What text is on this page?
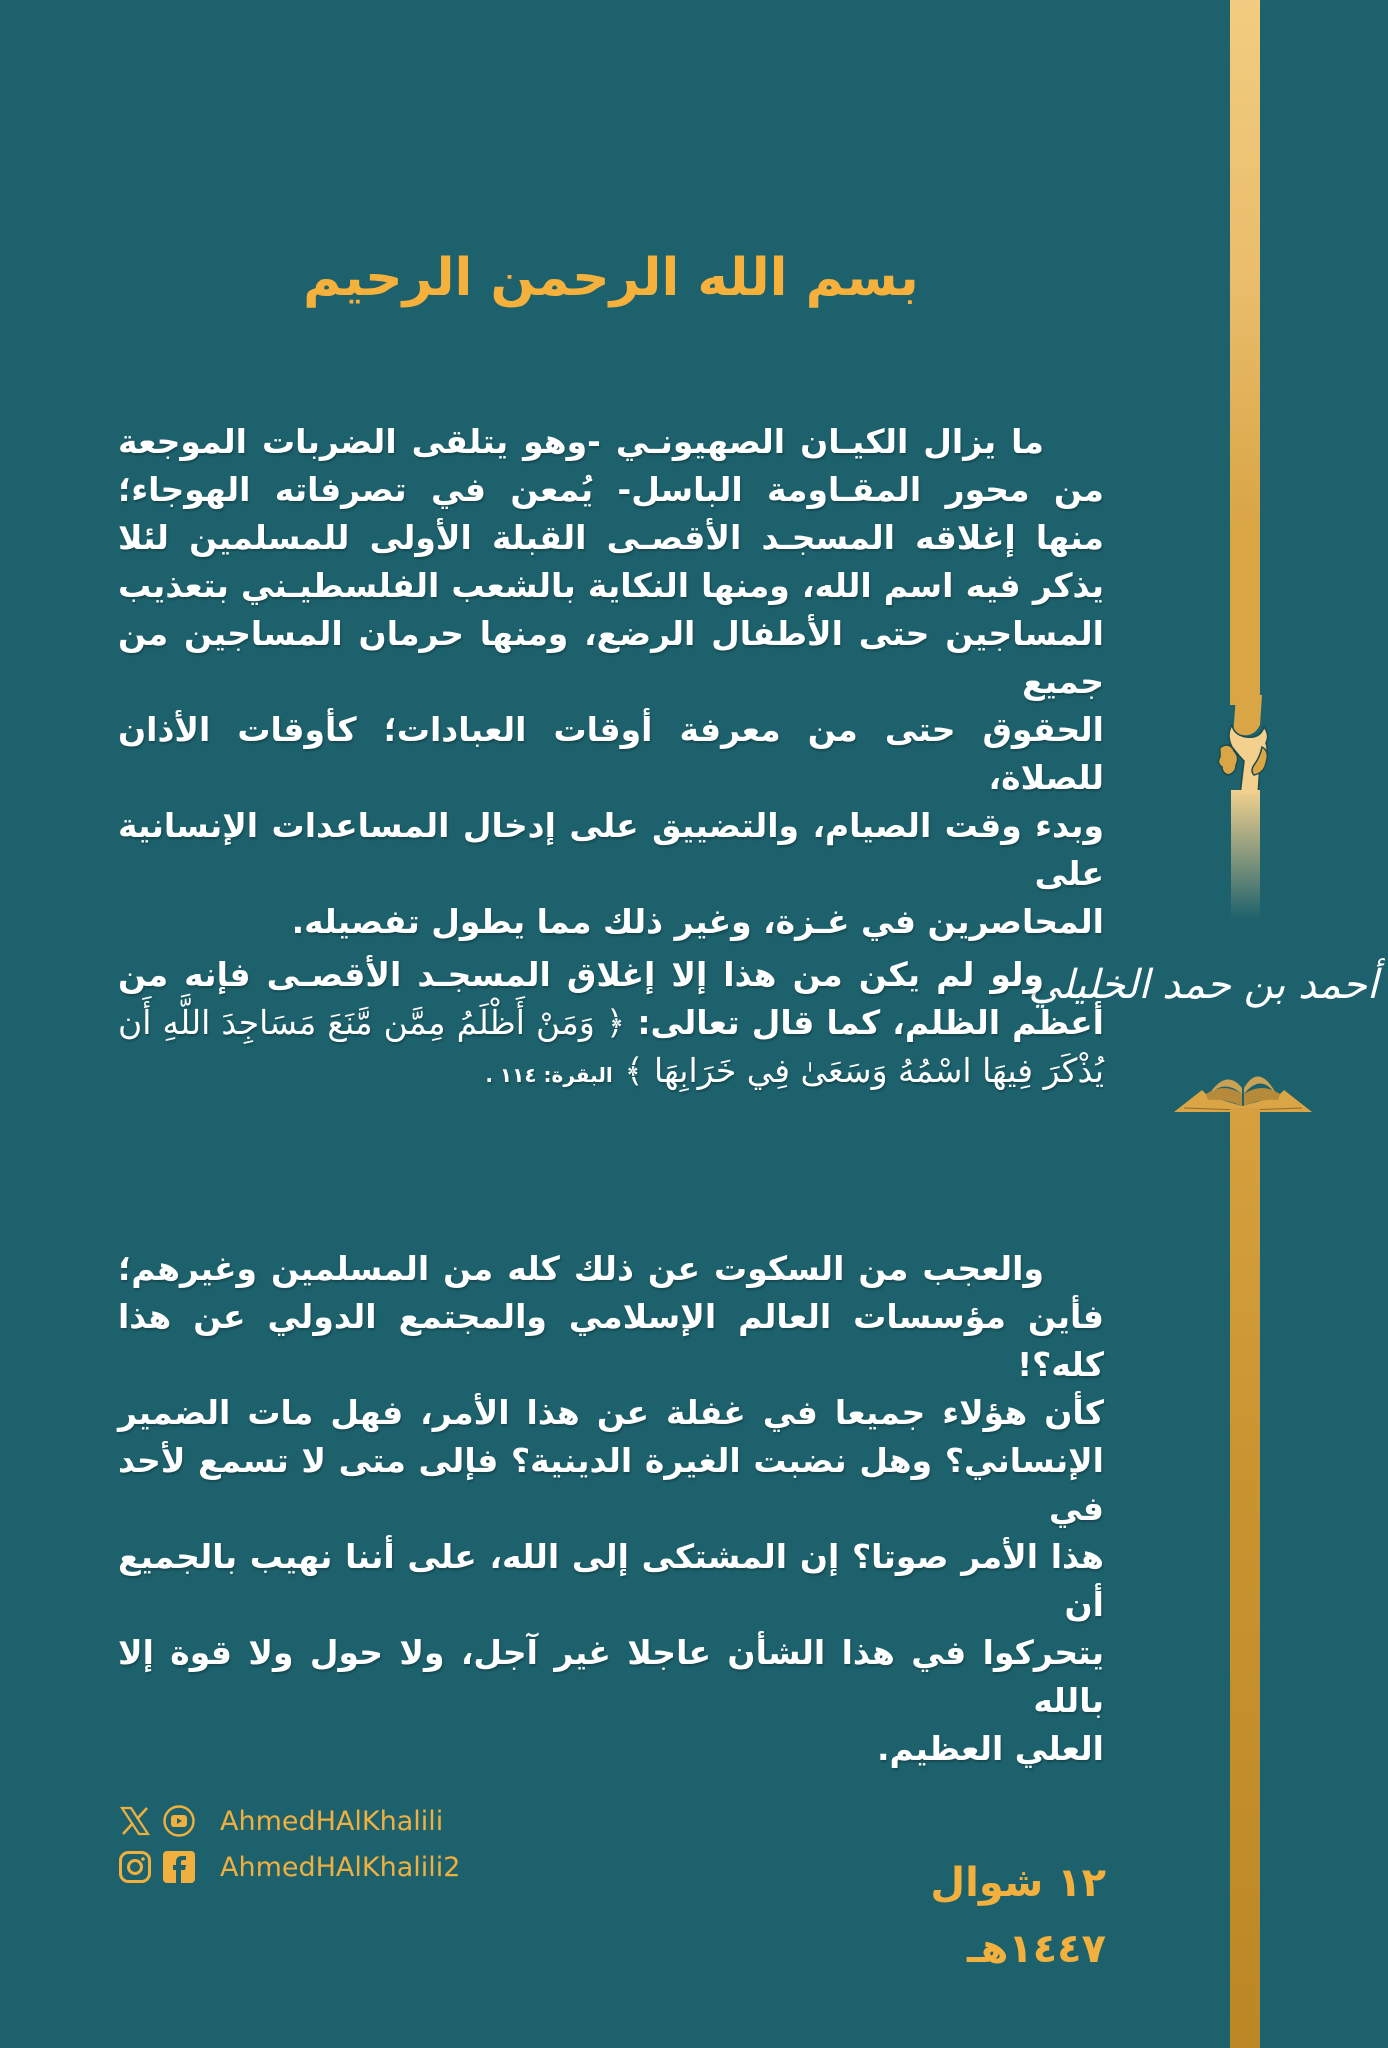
أحمد بن حمد الخليلي
بسم الله الرحمن الرحيم
ما يزال الكيـان الصهيونـي -وهو يتلقى الضربات الموجعة
من محور المقـاومة الباسل- يُمعن في تصرفاته الهوجاء؛
منها إغلاقه المسجـد الأقصـى القبلة الأولى للمسلمين لئلا
يذكر فيه اسم الله، ومنها النكاية بالشعب الفلسطيـني بتعذيب
المساجين حتى الأطفال الرضع، ومنها حرمان المساجين من جميع
الحقوق حتى من معرفة أوقات العبادات؛ كأوقات الأذان للصلاة،
وبدء وقت الصيام، والتضييق على إدخال المساعدات الإنسانية على
المحاصرين في غـزة، وغير ذلك مما يطول تفصيله.
ولو لم يكن من هذا إلا إغلاق المسجـد الأقصـى فإنه من
أعظم الظلم، كما قال تعالى: ﴿ وَمَنْ أَظْلَمُ مِمَّن مَّنَعَ مَسَاجِدَ اللَّهِ أَن
يُذْكَرَ فِيهَا اسْمُهُ وَسَعَىٰ فِي خَرَابِهَا ﴾ البقرة: ١١٤ .
والعجب من السكوت عن ذلك كله من المسلمين وغيرهم؛
فأين مؤسسات العالم الإسلامي والمجتمع الدولي عن هذا كله؟!
كأن هؤلاء جميعا في غفلة عن هذا الأمر، فهل مات الضمير
الإنساني؟ وهل نضبت الغيرة الدينية؟ فإلى متى لا تسمع لأحد في
هذا الأمر صوتا؟ إن المشتكى إلى الله، على أننا نهيب بالجميع أن
يتحركوا في هذا الشأن عاجلا غير آجل، ولا حول ولا قوة إلا بالله
العلي العظيم.
AhmedHAlKhalili
AhmedHAlKhalili2	١٢ شوال ١٤٤٧هـ
